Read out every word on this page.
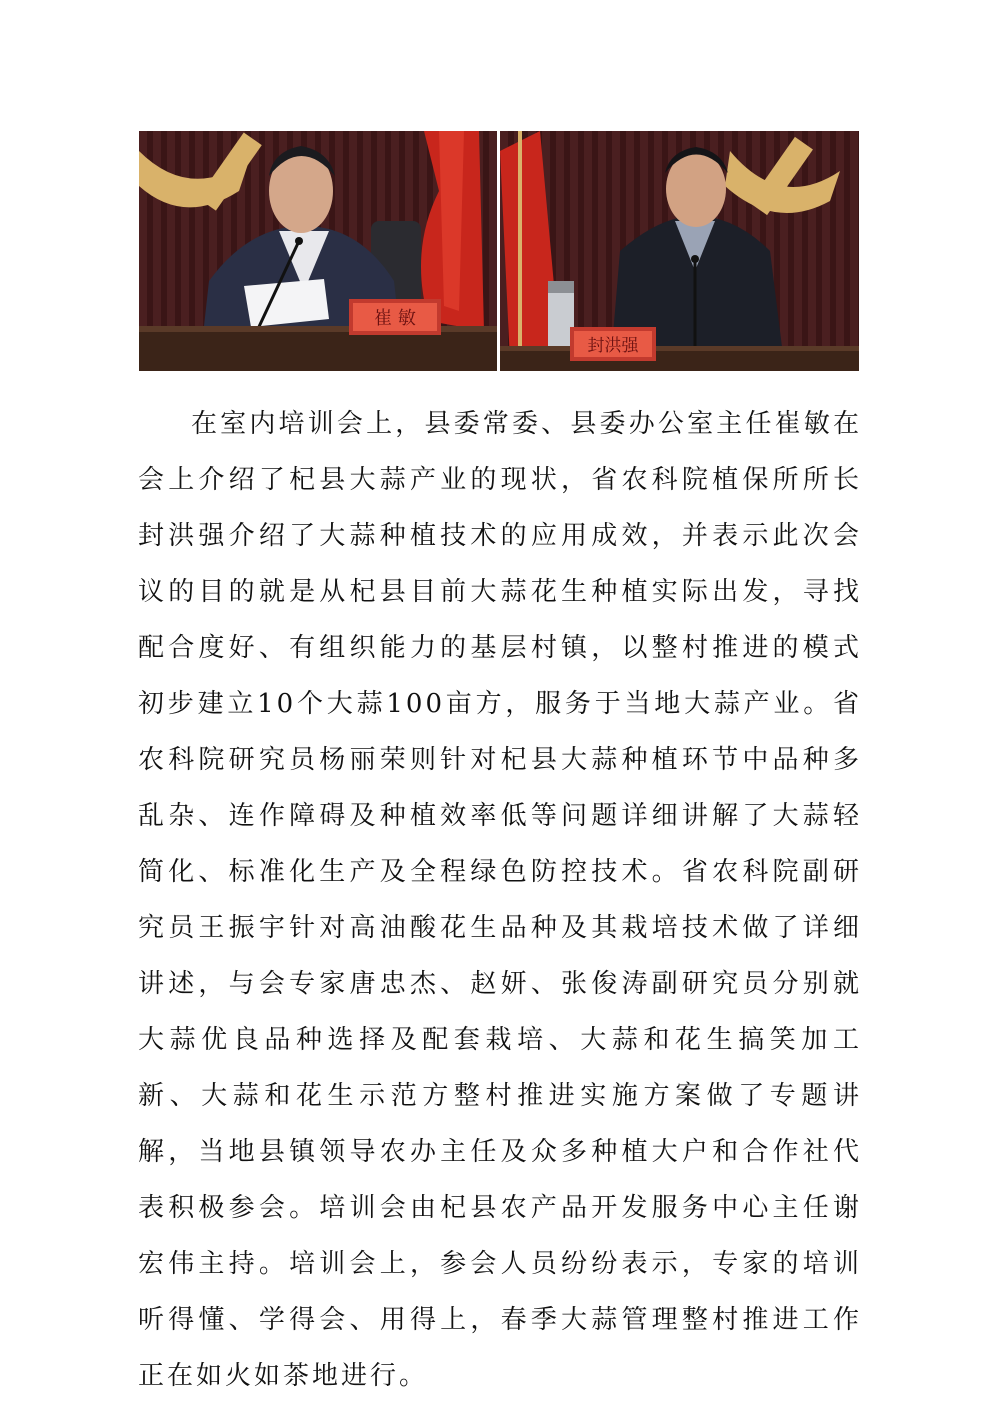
崔 敏
封洪强

在室内培训会上，县委常委、县委办公室主任崔敏在会上介绍了杞县大蒜产业的现状，省农科院植保所所长封洪强介绍了大蒜种植技术的应用成效，并表示此次会议的目的就是从杞县目前大蒜花生种植实际出发，寻找配合度好、有组织能力的基层村镇，以整村推进的模式初步建立10个大蒜100亩方，服务于当地大蒜产业。省农科院研究员杨丽荣则针对杞县大蒜种植环节中品种多乱杂、连作障碍及种植效率低等问题详细讲解了大蒜轻简化、标准化生产及全程绿色防控技术。省农科院副研究员王振宇针对高油酸花生品种及其栽培技术做了详细讲述，与会专家唐忠杰、赵妍、张俊涛副研究员分别就大蒜优良品种选择及配套栽培、大蒜和花生搞笑加工新、大蒜和花生示范方整村推进实施方案做了专题讲解，当地县镇领导农办主任及众多种植大户和合作社代表积极参会。培训会由杞县农产品开发服务中心主任谢宏伟主持。培训会上，参会人员纷纷表示，专家的培训听得懂、学得会、用得上，春季大蒜管理整村推进工作正在如火如茶地进行。
